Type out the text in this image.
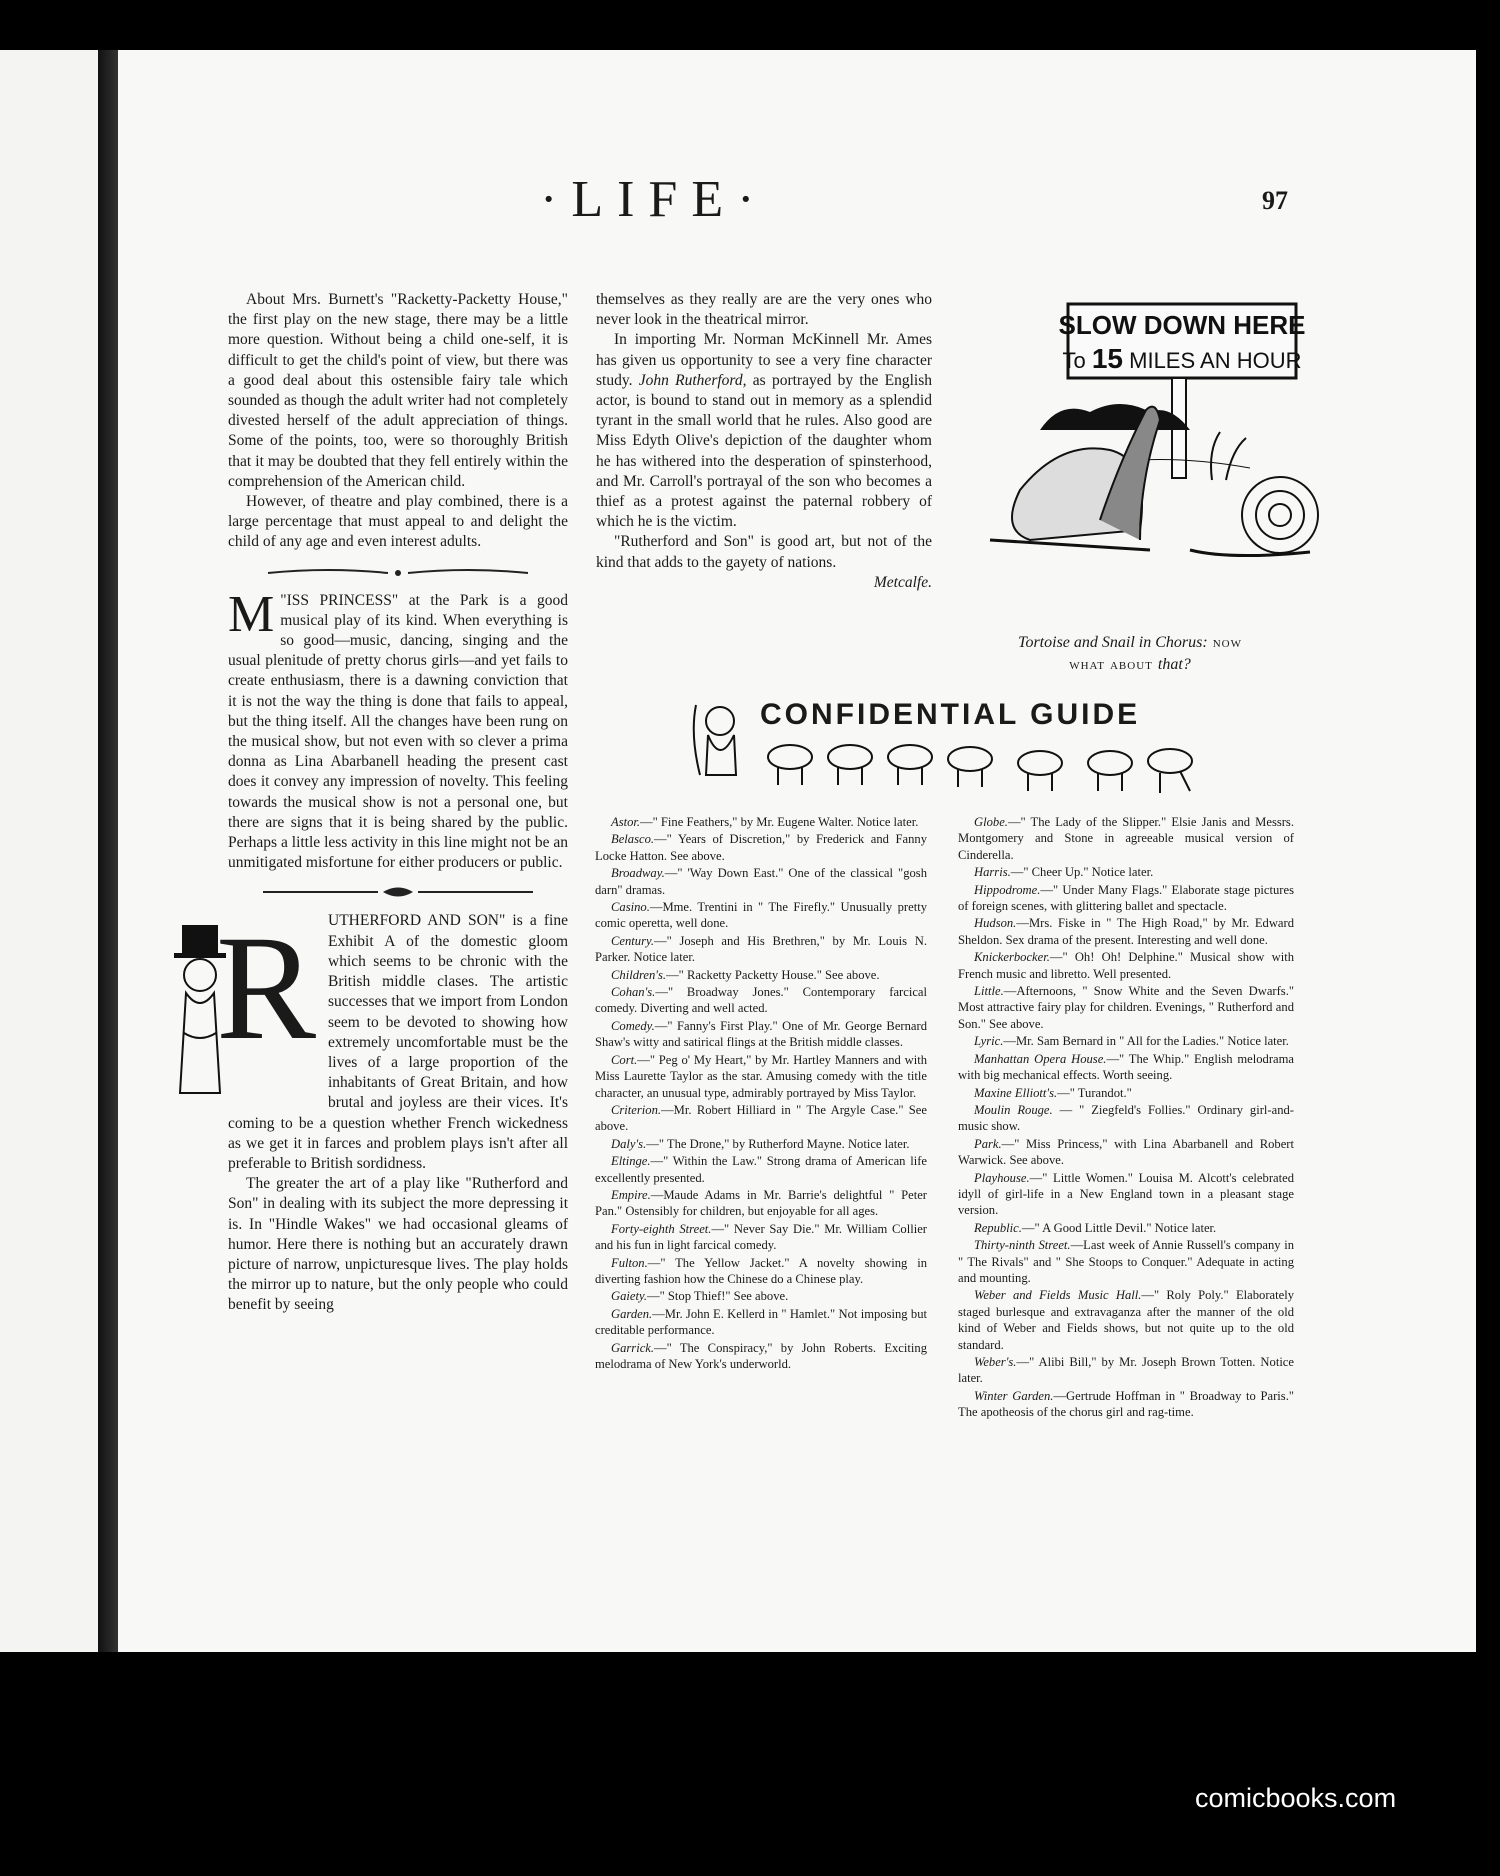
·LIFE·	97

About Mrs. Burnett's "Racketty-Packetty House," the first play on the new stage, there may be a little more question. Without being a child one-self, it is difficult to get the child's point of view, but there was a good deal about this ostensible fairy tale which sounded as though the adult writer had not completely divested herself of the adult appreciation of things. Some of the points, too, were so thoroughly British that it may be doubted that they fell entirely within the comprehension of the American child.

However, of theatre and play combined, there is a large percentage that must appeal to and delight the child of any age and even interest adults.

"
M ISS PRINCESS" at the Park is a good musical play of its kind. When everything is so good—music, dancing, singing and the usual plenitude of pretty chorus girls—and yet fails to create enthusiasm, there is a dawning conviction that it is not the way the thing is done that fails to appeal, but the thing itself. All the changes have been rung on the musical show, but not even with so clever a prima donna as Lina Abarbanell heading the present cast does it convey any impression of novelty. This feeling towards the musical show is not a personal one, but there are signs that it is being shared by the public. Perhaps a little less activity in this line might not be an unmitigated misfortune for either producers or public.

R UTHERFORD AND SON" is a fine Exhibit A of the domestic gloom which seems to be chronic with the British middle clases. The artistic successes that we import from London seem to be devoted to showing how extremely uncomfortable must be the lives of a large proportion of the inhabitants of Great Britain, and how brutal and joyless are their vices. It's coming to be a question whether French wickedness as we get it in farces and problem plays isn't after all preferable to British sordidness.

The greater the art of a play like "Rutherford and Son" in dealing with its subject the more depressing it is. In "Hindle Wakes" we had occasional gleams of humor. Here there is nothing but an accurately drawn picture of narrow, unpicturesque lives. The play holds the mirror up to nature, but the only people who could benefit by seeing

themselves as they really are are the very ones who never look in the theatrical mirror.

In importing Mr. Norman McKinnell Mr. Ames has given us opportunity to see a very fine character study. John Rutherford, as portrayed by the English actor, is bound to stand out in memory as a splendid tyrant in the small world that he rules. Also good are Miss Edyth Olive's depiction of the daughter whom he has withered into the desperation of spinsterhood, and Mr. Carroll's portrayal of the son who becomes a thief as a protest against the paternal robbery of which he is the victim.

"Rutherford and Son" is good art, but not of the kind that adds to the gayety of nations.

Metcalfe.
SLOW DOWN HERE
To 15 MILES AN HOUR
Tortoise and Snail in Chorus: now
what about that?
CONFIDENTIAL GUIDE

Astor.—" Fine Feathers," by Mr. Eugene Walter. Notice later.

Belasco.—" Years of Discretion," by Frederick and Fanny Locke Hatton. See above.

Broadway.—" 'Way Down East." One of the classical "gosh darn" dramas.

Casino.—Mme. Trentini in " The Firefly." Unusually pretty comic operetta, well done.

Century.—" Joseph and His Brethren," by Mr. Louis N. Parker. Notice later.

Children's.—" Racketty Packetty House." See above.

Cohan's.—" Broadway Jones." Contemporary farcical comedy. Diverting and well acted.

Comedy.—" Fanny's First Play." One of Mr. George Bernard Shaw's witty and satirical flings at the British middle classes.

Cort.—" Peg o' My Heart," by Mr. Hartley Manners and with Miss Laurette Taylor as the star. Amusing comedy with the title character, an unusual type, admirably portrayed by Miss Taylor.

Criterion.—Mr. Robert Hilliard in " The Argyle Case." See above.

Daly's.—" The Drone," by Rutherford Mayne. Notice later.

Eltinge.—" Within the Law." Strong drama of American life excellently presented.

Empire.—Maude Adams in Mr. Barrie's delightful " Peter Pan." Ostensibly for children, but enjoyable for all ages.

Forty-eighth Street.—" Never Say Die." Mr. William Collier and his fun in light farcical comedy.

Fulton.—" The Yellow Jacket." A novelty showing in diverting fashion how the Chinese do a Chinese play.

Gaiety.—" Stop Thief!" See above.

Garden.—Mr. John E. Kellerd in " Hamlet." Not imposing but creditable performance.

Garrick.—" The Conspiracy," by John Roberts. Exciting melodrama of New York's underworld.

Globe.—" The Lady of the Slipper." Elsie Janis and Messrs. Montgomery and Stone in agreeable musical version of Cinderella.

Harris.—" Cheer Up." Notice later.

Hippodrome.—" Under Many Flags." Elaborate stage pictures of foreign scenes, with glittering ballet and spectacle.

Hudson.—Mrs. Fiske in " The High Road," by Mr. Edward Sheldon. Sex drama of the present. Interesting and well done.

Knickerbocker.—" Oh! Oh! Delphine." Musical show with French music and libretto. Well presented.

Little.—Afternoons, " Snow White and the Seven Dwarfs." Most attractive fairy play for children. Evenings, " Rutherford and Son." See above.

Lyric.—Mr. Sam Bernard in " All for the Ladies." Notice later.

Manhattan Opera House.—" The Whip." English melodrama with big mechanical effects. Worth seeing.

Maxine Elliott's.—" Turandot."

Moulin Rouge. — " Ziegfeld's Follies." Ordinary girl-and-music show.

Park.—" Miss Princess," with Lina Abarbanell and Robert Warwick. See above.

Playhouse.—" Little Women." Louisa M. Alcott's celebrated idyll of girl-life in a New England town in a pleasant stage version.

Republic.—" A Good Little Devil." Notice later.

Thirty-ninth Street.—Last week of Annie Russell's company in " The Rivals" and " She Stoops to Conquer." Adequate in acting and mounting.

Weber and Fields Music Hall.—" Roly Poly." Elaborately staged burlesque and extravaganza after the manner of the old kind of Weber and Fields shows, but not quite up to the old standard.

Weber's.—" Alibi Bill," by Mr. Joseph Brown Totten. Notice later.

Winter Garden.—Gertrude Hoffman in " Broadway to Paris." The apotheosis of the chorus girl and rag-time.

comicbooks.com
